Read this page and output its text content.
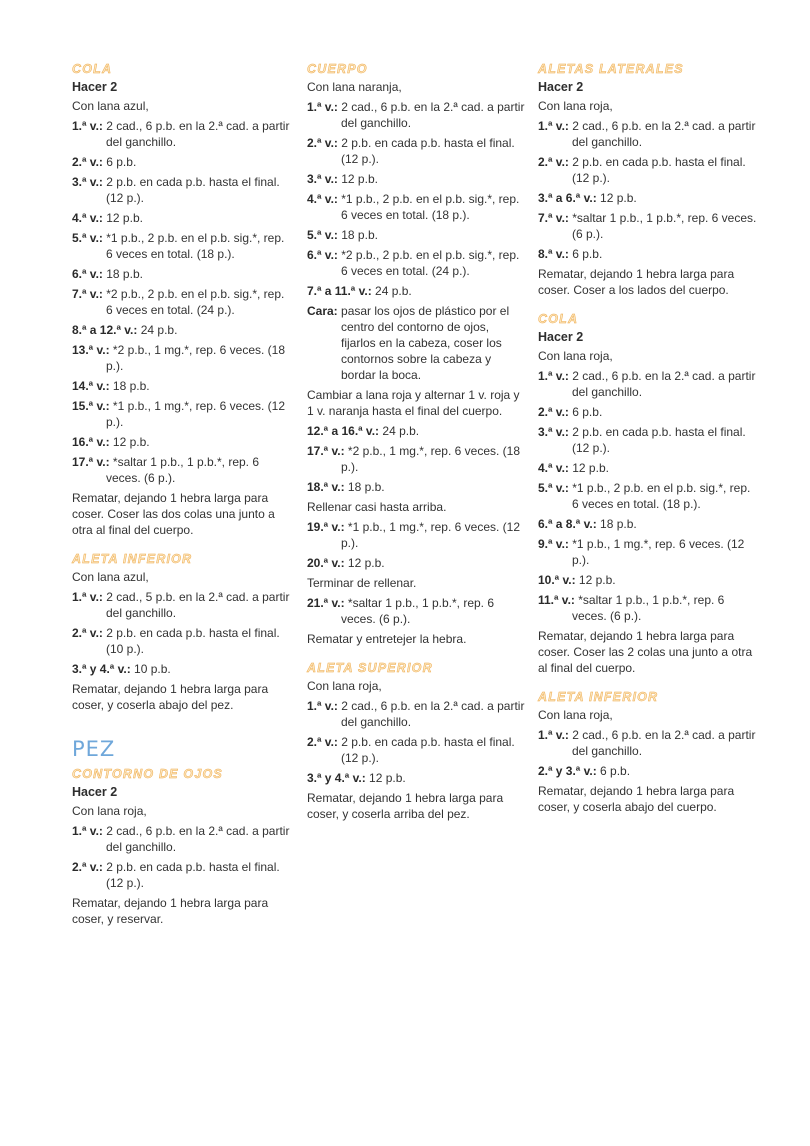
COLA
Hacer 2
Con lana azul,
1.ª v.: 2 cad., 6 p.b. en la 2.ª cad. a partir del ganchillo.
2.ª v.: 6 p.b.
3.ª v.: 2 p.b. en cada p.b. hasta el final. (12 p.).
4.ª v.: 12 p.b.
5.ª v.: *1 p.b., 2 p.b. en el p.b. sig.*, rep. 6 veces en total. (18 p.).
6.ª v.: 18 p.b.
7.ª v.: *2 p.b., 2 p.b. en el p.b. sig.*, rep. 6 veces en total. (24 p.).
8.ª a 12.ª v.: 24 p.b.
13.ª v.: *2 p.b., 1 mg.*, rep. 6 veces. (18 p.).
14.ª v.: 18 p.b.
15.ª v.: *1 p.b., 1 mg.*, rep. 6 veces. (12 p.).
16.ª v.: 12 p.b.
17.ª v.: *saltar 1 p.b., 1 p.b.*, rep. 6 veces. (6 p.).
Rematar, dejando 1 hebra larga para coser. Coser las dos colas una junto a otra al final del cuerpo.
ALETA INFERIOR
Con lana azul,
1.ª v.: 2 cad., 5 p.b. en la 2.ª cad. a partir del ganchillo.
2.ª v.: 2 p.b. en cada p.b. hasta el final. (10 p.).
3.ª y 4.ª v.: 10 p.b.
Rematar, dejando 1 hebra larga para coser, y coserla abajo del pez.
PEZ
CONTORNO DE OJOS
Hacer 2
Con lana roja,
1.ª v.: 2 cad., 6 p.b. en la 2.ª cad. a partir del ganchillo.
2.ª v.: 2 p.b. en cada p.b. hasta el final. (12 p.).
Rematar, dejando 1 hebra larga para coser, y reservar.
CUERPO
Con lana naranja,
1.ª v.: 2 cad., 6 p.b. en la 2.ª cad. a partir del ganchillo.
2.ª v.: 2 p.b. en cada p.b. hasta el final. (12 p.).
3.ª v.: 12 p.b.
4.ª v.: *1 p.b., 2 p.b. en el p.b. sig.*, rep. 6 veces en total. (18 p.).
5.ª v.: 18 p.b.
6.ª v.: *2 p.b., 2 p.b. en el p.b. sig.*, rep. 6 veces en total. (24 p.).
7.ª a 11.ª v.: 24 p.b.
Cara: pasar los ojos de plástico por el centro del contorno de ojos, fijarlos en la cabeza, coser los contornos sobre la cabeza y bordar la boca.
Cambiar a lana roja y alternar 1 v. roja y 1 v. naranja hasta el final del cuerpo.
12.ª a 16.ª v.: 24 p.b.
17.ª v.: *2 p.b., 1 mg.*, rep. 6 veces. (18 p.).
18.ª v.: 18 p.b.
Rellenar casi hasta arriba.
19.ª v.: *1 p.b., 1 mg.*, rep. 6 veces. (12 p.).
20.ª v.: 12 p.b.
Terminar de rellenar.
21.ª v.: *saltar 1 p.b., 1 p.b.*, rep. 6 veces. (6 p.).
Rematar y entretejer la hebra.
ALETA SUPERIOR
Con lana roja,
1.ª v.: 2 cad., 6 p.b. en la 2.ª cad. a partir del ganchillo.
2.ª v.: 2 p.b. en cada p.b. hasta el final. (12 p.).
3.ª y 4.ª v.: 12 p.b.
Rematar, dejando 1 hebra larga para coser, y coserla arriba del pez.
ALETAS LATERALES
Hacer 2
Con lana roja,
1.ª v.: 2 cad., 6 p.b. en la 2.ª cad. a partir del ganchillo.
2.ª v.: 2 p.b. en cada p.b. hasta el final. (12 p.).
3.ª a 6.ª v.: 12 p.b.
7.ª v.: *saltar 1 p.b., 1 p.b.*, rep. 6 veces. (6 p.).
8.ª v.: 6 p.b.
Rematar, dejando 1 hebra larga para coser. Coser a los lados del cuerpo.
COLA
Hacer 2
Con lana roja,
1.ª v.: 2 cad., 6 p.b. en la 2.ª cad. a partir del ganchillo.
2.ª v.: 6 p.b.
3.ª v.: 2 p.b. en cada p.b. hasta el final. (12 p.).
4.ª v.: 12 p.b.
5.ª v.: *1 p.b., 2 p.b. en el p.b. sig.*, rep. 6 veces en total. (18 p.).
6.ª a 8.ª v.: 18 p.b.
9.ª v.: *1 p.b., 1 mg.*, rep. 6 veces. (12 p.).
10.ª v.: 12 p.b.
11.ª v.: *saltar 1 p.b., 1 p.b.*, rep. 6 veces. (6 p.).
Rematar, dejando 1 hebra larga para coser. Coser las 2 colas una junto a otra al final del cuerpo.
ALETA INFERIOR
Con lana roja,
1.ª v.: 2 cad., 6 p.b. en la 2.ª cad. a partir del ganchillo.
2.ª y 3.ª v.: 6 p.b.
Rematar, dejando 1 hebra larga para coser, y coserla abajo del cuerpo.
